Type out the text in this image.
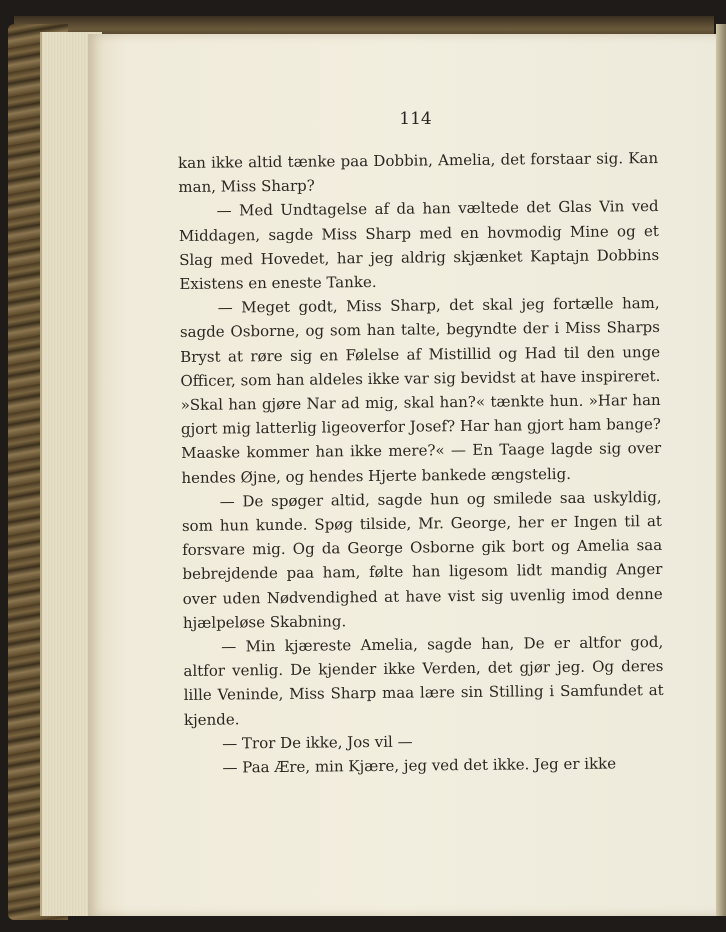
114

kan ikke altid tænke paa Dobbin, Amelia, det forstaar sig. Kan man, Miss Sharp?

— Med Undtagelse af da han væltede det Glas Vin ved Middagen, sagde Miss Sharp med en hovmodig Mine og et Slag med Hovedet, har jeg aldrig skjænket Kaptajn Dobbins Existens en eneste Tanke.

— Meget godt, Miss Sharp, det skal jeg fortælle ham, sagde Osborne, og som han talte, begyndte der i Miss Sharps Bryst at røre sig en Følelse af Mistillid og Had til den unge Officer, som han aldeles ikke var sig bevidst at have inspireret. »Skal han gjøre Nar ad mig, skal han?« tænkte hun. »Har han gjort mig latterlig ligeoverfor Josef? Har han gjort ham bange? Maaske kommer han ikke mere?« — En Taage lagde sig over hendes Øjne, og hendes Hjerte bankede ængstelig.

— De spøger altid, sagde hun og smilede saa uskyldig, som hun kunde. Spøg tilside, Mr. George, her er Ingen til at forsvare mig. Og da George Osborne gik bort og Amelia saa bebrejdende paa ham, følte han ligesom lidt mandig Anger over uden Nødvendighed at have vist sig uvenlig imod denne hjælpeløse Skabning.

— Min kjæreste Amelia, sagde han, De er altfor god, altfor venlig. De kjender ikke Verden, det gjør jeg. Og deres lille Veninde, Miss Sharp maa lære sin Stilling i Samfundet at kjende.

— Tror De ikke, Jos vil —

— Paa Ære, min Kjære, jeg ved det ikke. Jeg er ikke
